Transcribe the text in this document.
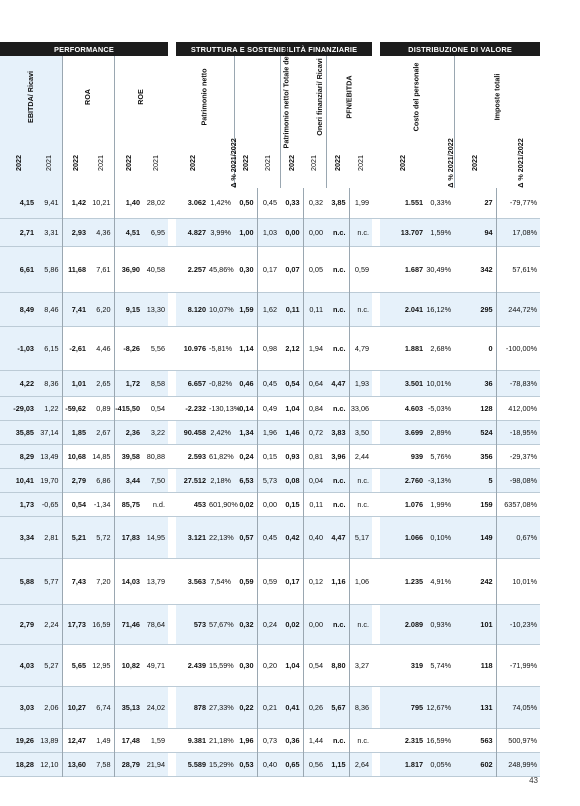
PERFORMANCE							STRUTTURA E SOSTENIBILITÀ FINANZIARIE									DISTRIBUZIONE DI VALORE			
EBITDA/ Ricavi		ROA		ROE			Patrimonio netto		Patrimonio netto/ Totale debiti		Oneri finanziari/ Ricavi		PFN/EBITDA			Costo del personale		Imposte totali	
2022	2021	2022	2021	2022	2021		2022	Δ % 2021/2022	2022	2021	2022	2021	2022	2021		2022	Δ % 2021/2022	2022	Δ % 2021/2022
4,15	9,41	1,42	10,21	1,40	28,02		3.062	1,42%	0,50	0,45	0,33	0,32	3,85	1,99		1.551	0,33%	27	-79,77%
2,71	3,31	2,93	4,36	4,51	6,95		4.827	3,99%	1,00	1,03	0,00	0,00	n.c.	n.c.		13.707	1,59%	94	17,08%
6,61	5,86	11,68	7,61	36,90	40,58		2.257	45,86%	0,30	0,17	0,07	0,05	n.c.	0,59		1.687	30,49%	342	57,61%
8,49	8,46	7,41	6,20	9,15	13,30		8.120	10,07%	1,59	1,62	0,11	0,11	n.c.	n.c.		2.041	16,12%	295	244,72%
-1,03	6,15	-2,61	4,46	-8,26	5,56		10.976	-5,81%	1,14	0,98	2,12	1,94	n.c.	4,79		1.881	2,68%	0	-100,00%
4,22	8,36	1,01	2,65	1,72	8,58		6.657	-0,82%	0,46	0,45	0,54	0,64	4,47	1,93		3.501	10,01%	36	-78,83%
-29,03	1,22	-59,62	0,89	-415,50	0,54		-2.232	-130,13%	-0,14	0,49	1,04	0,84	n.c.	33,06		4.603	-5,03%	128	412,00%
35,85	37,14	1,85	2,67	2,36	3,22		90.458	2,42%	1,34	1,96	1,46	0,72	3,83	3,50		3.699	2,89%	524	-18,95%
8,29	13,49	10,68	14,85	39,58	80,88		2.593	61,82%	0,24	0,15	0,93	0,81	3,96	2,44		939	5,76%	356	-29,37%
10,41	19,70	2,79	6,86	3,44	7,50		27.512	2,18%	6,53	5,73	0,08	0,04	n.c.	n.c.		2.760	-3,13%	5	-98,08%
1,73	-0,65	0,54	-1,34	85,75	n.d.		453	601,90%	0,02	0,00	0,15	0,11	n.c.	n.c.		1.076	1,99%	159	6357,08%
3,34	2,81	5,21	5,72	17,83	14,95		3.121	22,13%	0,57	0,45	0,42	0,40	4,47	5,17		1.066	0,10%	149	0,67%
5,88	5,77	7,43	7,20	14,03	13,79		3.563	7,54%	0,59	0,59	0,17	0,12	1,16	1,06		1.235	4,91%	242	10,01%
2,79	2,24	17,73	16,59	71,46	78,64		573	57,67%	0,32	0,24	0,02	0,00	n.c.	n.c.		2.089	0,93%	101	-10,23%
4,03	5,27	5,65	12,95	10,82	49,71		2.439	15,59%	0,30	0,20	1,04	0,54	8,80	3,27		319	5,74%	118	-71,99%
3,03	2,06	10,27	6,74	35,13	24,02		878	27,33%	0,22	0,21	0,41	0,26	5,67	8,36		795	12,67%	131	74,05%
19,26	13,89	12,47	1,49	17,48	1,59		9.381	21,18%	1,96	0,73	0,36	1,44	n.c.	n.c.		2.315	16,59%	563	500,97%
18,28	12,10	13,60	7,58	28,79	21,94		5.589	15,29%	0,53	0,40	0,65	0,56	1,15	2,64		1.817	0,05%	602	248,99%
43
